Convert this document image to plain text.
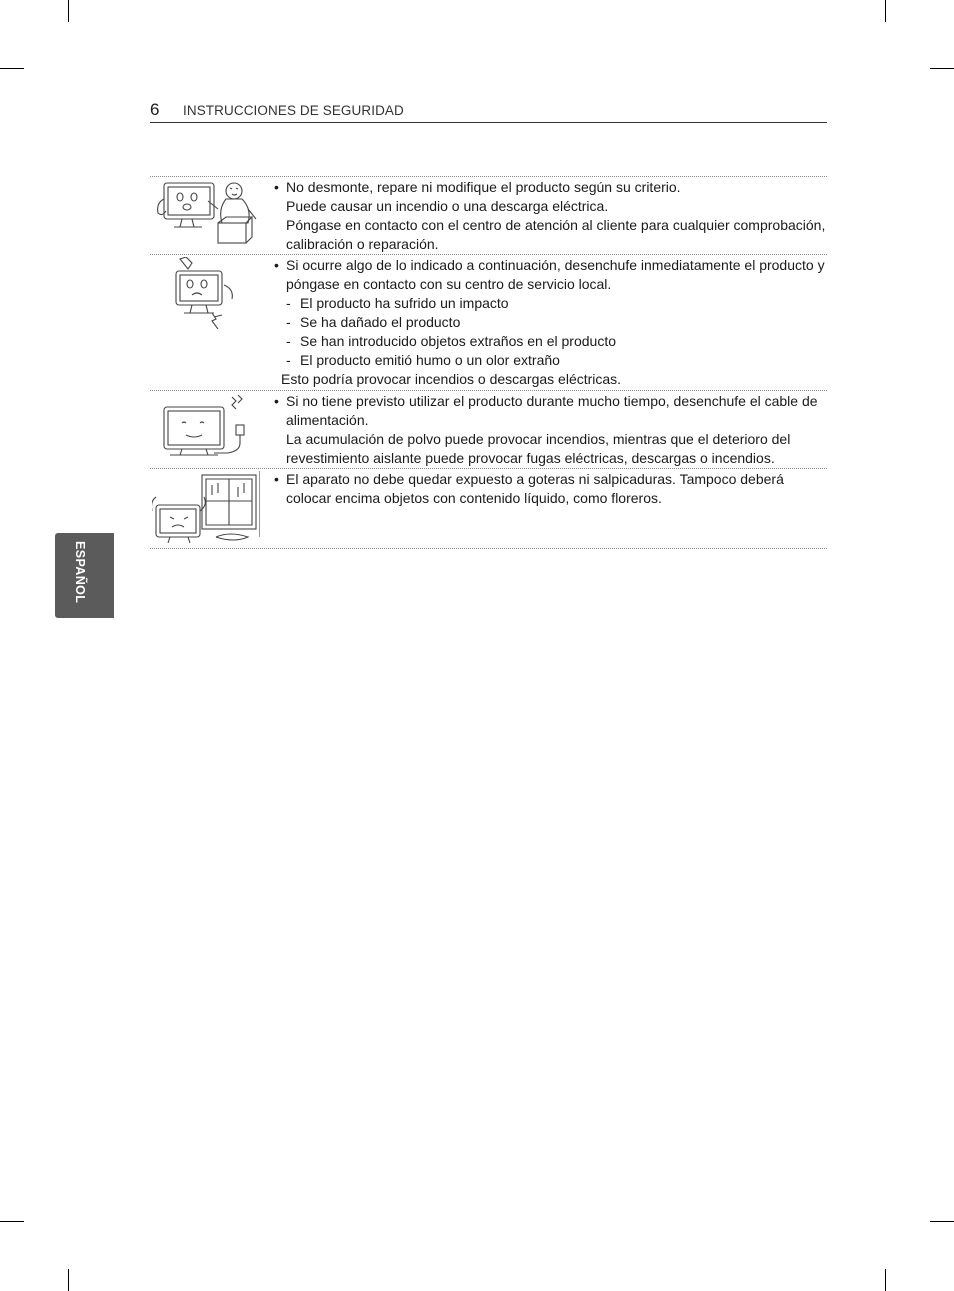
6 INSTRUCCIONES DE SEGURIDAD
ESPAÑOL
• No desmonte, repare ni modifique el producto según su criterio.
Puede causar un incendio o una descarga eléctrica.
Póngase en contacto con el centro de atención al cliente para cualquier comprobación, calibración o reparación.
• Si ocurre algo de lo indicado a continuación, desenchufe inmediatamente el producto y póngase en contacto con su centro de servicio local.
- El producto ha sufrido un impacto
- Se ha dañado el producto
- Se han introducido objetos extraños en el producto
- El producto emitió humo o un olor extraño
Esto podría provocar incendios o descargas eléctricas.
• Si no tiene previsto utilizar el producto durante mucho tiempo, desenchufe el cable de alimentación.
La acumulación de polvo puede provocar incendios, mientras que el deterioro del revestimiento aislante puede provocar fugas eléctricas, descargas o incendios.
• El aparato no debe quedar expuesto a goteras ni salpicaduras. Tampoco deberá colocar encima objetos con contenido líquido, como floreros.
